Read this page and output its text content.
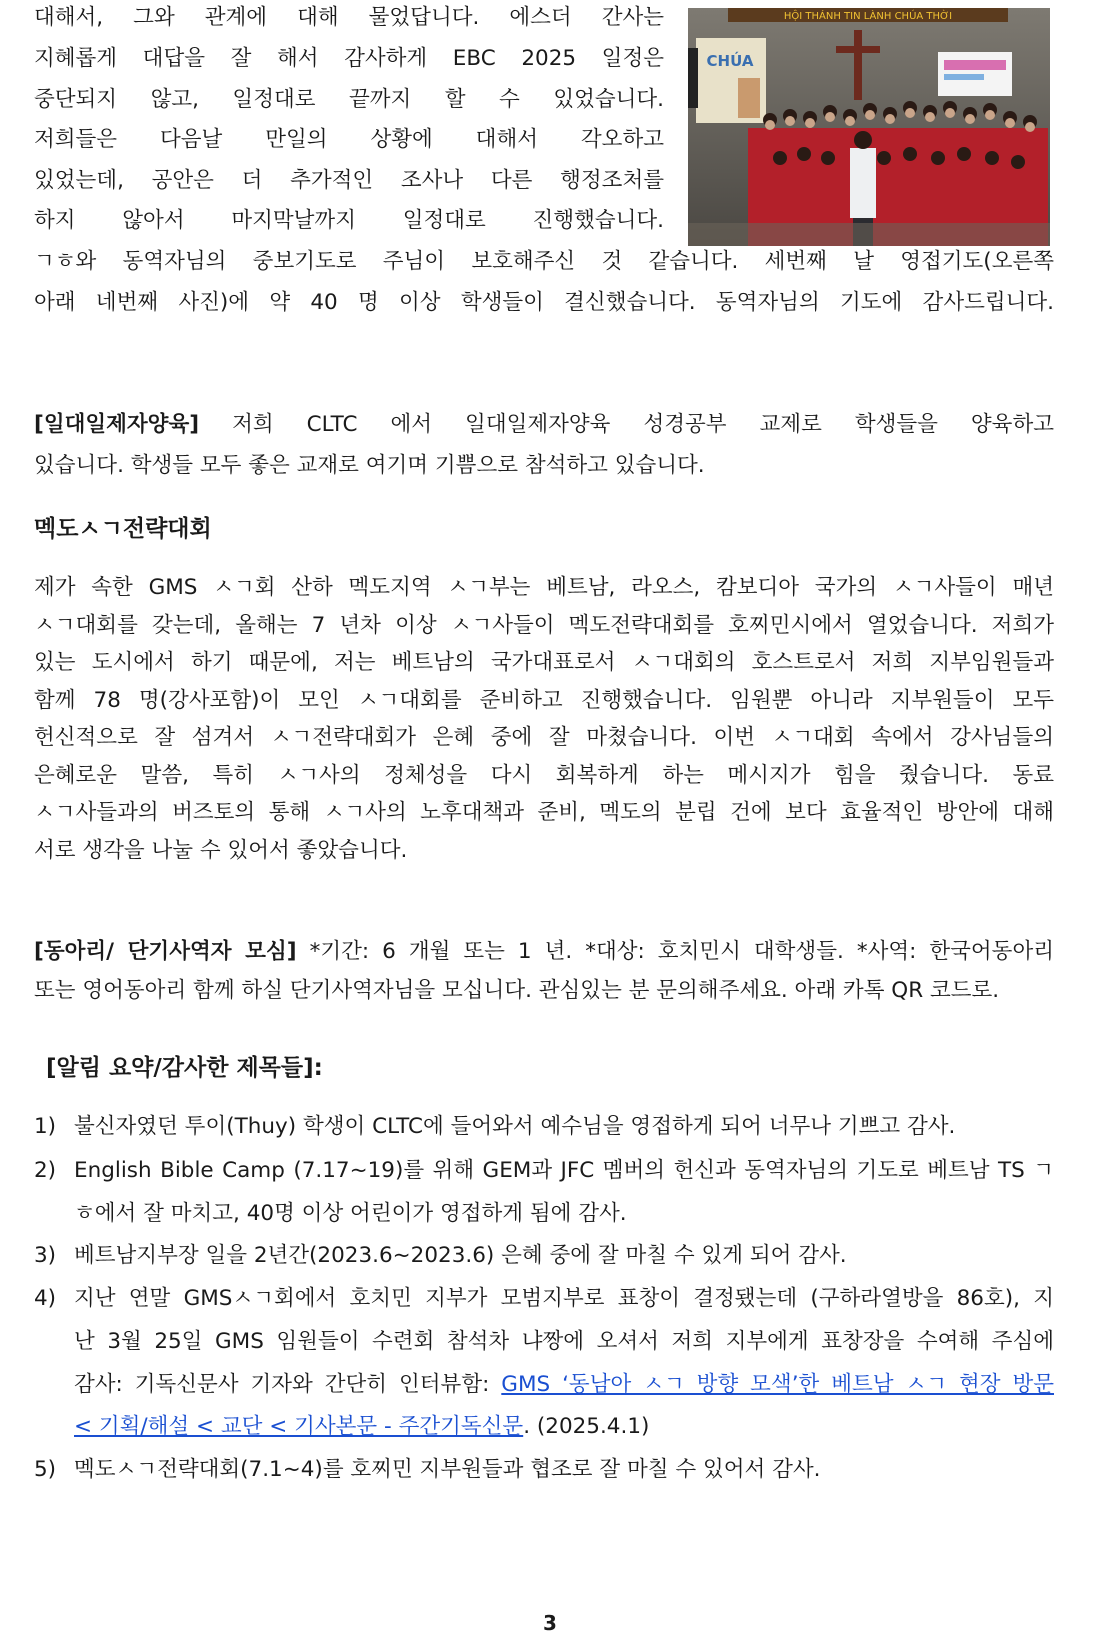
대해서, 그와 관계에 대해 물었답니다. 에스더 간사는
지혜롭게 대답을 잘 해서 감사하게 EBC 2025 일정은
중단되지 않고, 일정대로 끝까지 할 수 있었습니다.
저희들은 다음날 만일의 상황에 대해서 각오하고
있었는데, 공안은 더 추가적인 조사나 다른 행정조처를
하지 않아서 마지막날까지 일정대로 진행했습니다.
ㄱㅎ와 동역자님의 중보기도로 주님이 보호해주신 것 같습니다. 세번째 날 영접기도(오른쪽
아래 네번째 사진)에 약 40 명 이상 학생들이 결신했습니다. 동역자님의 기도에 감사드립니다.
HỘI THÁNH TIN LÀNH CHÚA THỜI
CHÚA
[일대일제자양육] 저희 CLTC 에서 일대일제자양육 성경공부 교제로 학생들을 양육하고
있습니다. 학생들 모두 좋은 교재로 여기며 기쁨으로 참석하고 있습니다.
멕도ㅅㄱ전략대회
제가 속한 GMS ㅅㄱ회 산하 멕도지역 ㅅㄱ부는 베트남, 라오스, 캄보디아 국가의 ㅅㄱ사들이 매년
ㅅㄱ대회를 갖는데, 올해는 7 년차 이상 ㅅㄱ사들이 멕도전략대회를 호찌민시에서 열었습니다. 저희가
있는 도시에서 하기 때문에, 저는 베트남의 국가대표로서 ㅅㄱ대회의 호스트로서 저희 지부임원들과
함께 78 명(강사포함)이 모인 ㅅㄱ대회를 준비하고 진행했습니다. 임원뿐 아니라 지부원들이 모두
헌신적으로 잘 섬겨서 ㅅㄱ전략대회가 은혜 중에 잘 마쳤습니다. 이번 ㅅㄱ대회 속에서 강사님들의
은혜로운 말씀, 특히 ㅅㄱ사의 정체성을 다시 회복하게 하는 메시지가 힘을 줬습니다. 동료
ㅅㄱ사들과의 버즈토의 통해 ㅅㄱ사의 노후대책과 준비, 멕도의 분립 건에 보다 효율적인 방안에 대해
서로 생각을 나눌 수 있어서 좋았습니다.
[동아리/ 단기사역자 모심] *기간: 6 개월 또는 1 년. *대상: 호치민시 대학생들. *사역: 한국어동아리
또는 영어동아리 함께 하실 단기사역자님을 모십니다. 관심있는 분 문의해주세요. 아래 카톡 QR 코드로.
[알림 요약/감사한 제목들]:
1) 불신자였던 투이(Thuy) 학생이 CLTC에 들어와서 예수님을 영접하게 되어 너무나 기쁘고 감사.
2) English Bible Camp (7.17~19)를 위해 GEM과 JFC 멤버의 헌신과 동역자님의 기도로 베트남 TS ㄱ
ㅎ에서 잘 마치고, 40명 이상 어린이가 영접하게 됨에 감사.
3) 베트남지부장 일을 2년간(2023.6~2023.6) 은혜 중에 잘 마칠 수 있게 되어 감사.
4) 지난 연말 GMSㅅㄱ회에서 호치민 지부가 모범지부로 표창이 결정됐는데 (구하라열방을 86호), 지
난 3월 25일 GMS 임원들이 수련회 참석차 냐짱에 오셔서 저희 지부에게 표창장을 수여해 주심에
감사: 기독신문사 기자와 간단히 인터뷰함: GMS ‘동남아 ㅅㄱ 방향 모색’한 베트남 ㅅㄱ 현장 방문
< 기획/해설 < 교단 < 기사본문 - 주간기독신문. (2025.4.1)
5) 멕도ㅅㄱ전략대회(7.1~4)를 호찌민 지부원들과 협조로 잘 마칠 수 있어서 감사.
3
